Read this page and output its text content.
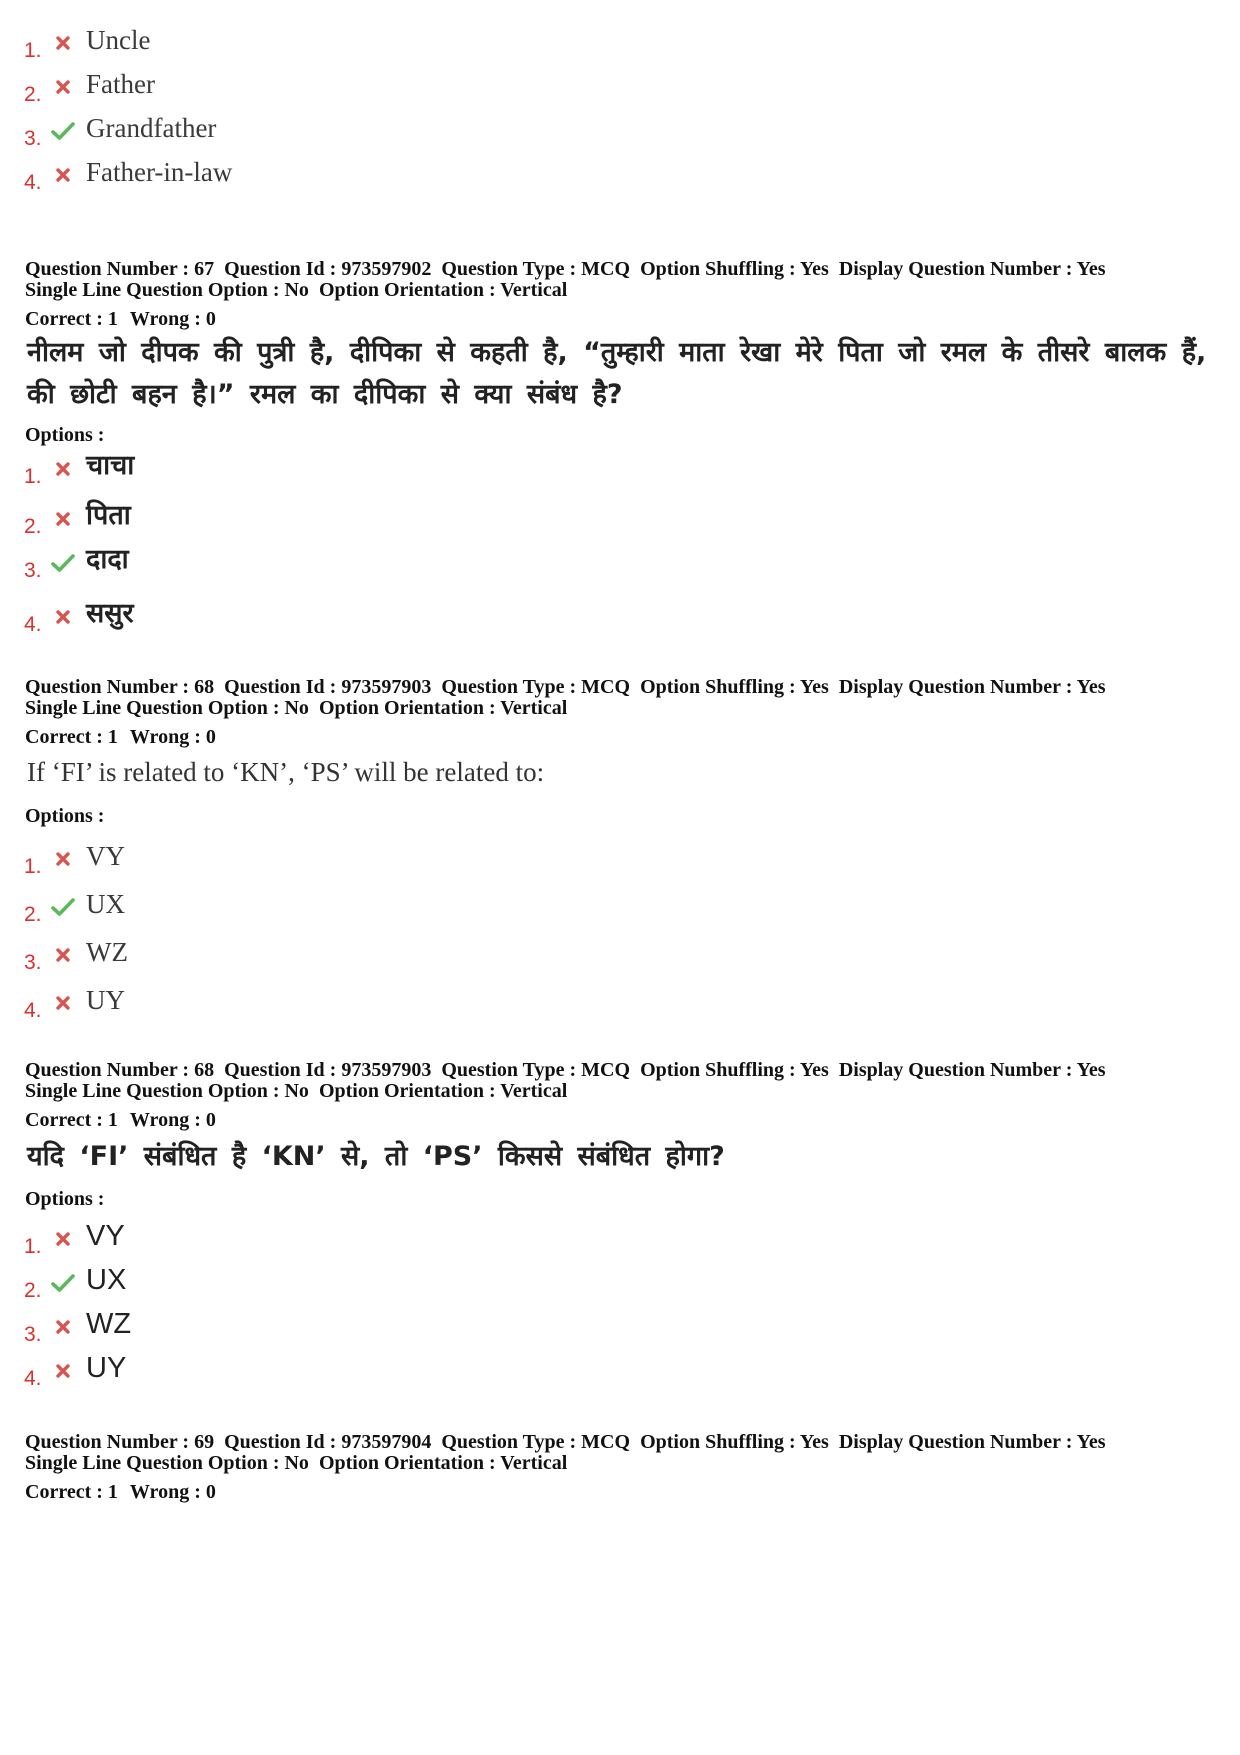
1. Uncle
2. Father
3. Grandfather
4. Father-in-law
Question Number : 67 Question Id : 973597902 Question Type : MCQ Option Shuffling : Yes Display Question Number : Yes
Single Line Question Option : No Option Orientation : Vertical
Correct : 1 Wrong : 0
नीलम जो दीपक की पुत्री है, दीपिका से कहती है, “तुम्हारी माता रेखा मेरे पिता जो रमल के तीसरे बालक हैं, की छोटी बहन है।” रमल का दीपिका से क्या संबंध है?
Options :
1. चाचा
2. पिता
3. दादा
4. ससुर
Question Number : 68 Question Id : 973597903 Question Type : MCQ Option Shuffling : Yes Display Question Number : Yes
Single Line Question Option : No Option Orientation : Vertical
Correct : 1 Wrong : 0
If ‘FI’ is related to ‘KN’, ‘PS’ will be related to:
Options :
1. VY
2. UX
3. WZ
4. UY
Question Number : 68 Question Id : 973597903 Question Type : MCQ Option Shuffling : Yes Display Question Number : Yes
Single Line Question Option : No Option Orientation : Vertical
Correct : 1 Wrong : 0
यदि ‘FI’ संबंधित है ‘KN’ से, तो ‘PS’ किससे संबंधित होगा?
Options :
1. VY
2. UX
3. WZ
4. UY
Question Number : 69 Question Id : 973597904 Question Type : MCQ Option Shuffling : Yes Display Question Number : Yes
Single Line Question Option : No Option Orientation : Vertical
Correct : 1 Wrong : 0
